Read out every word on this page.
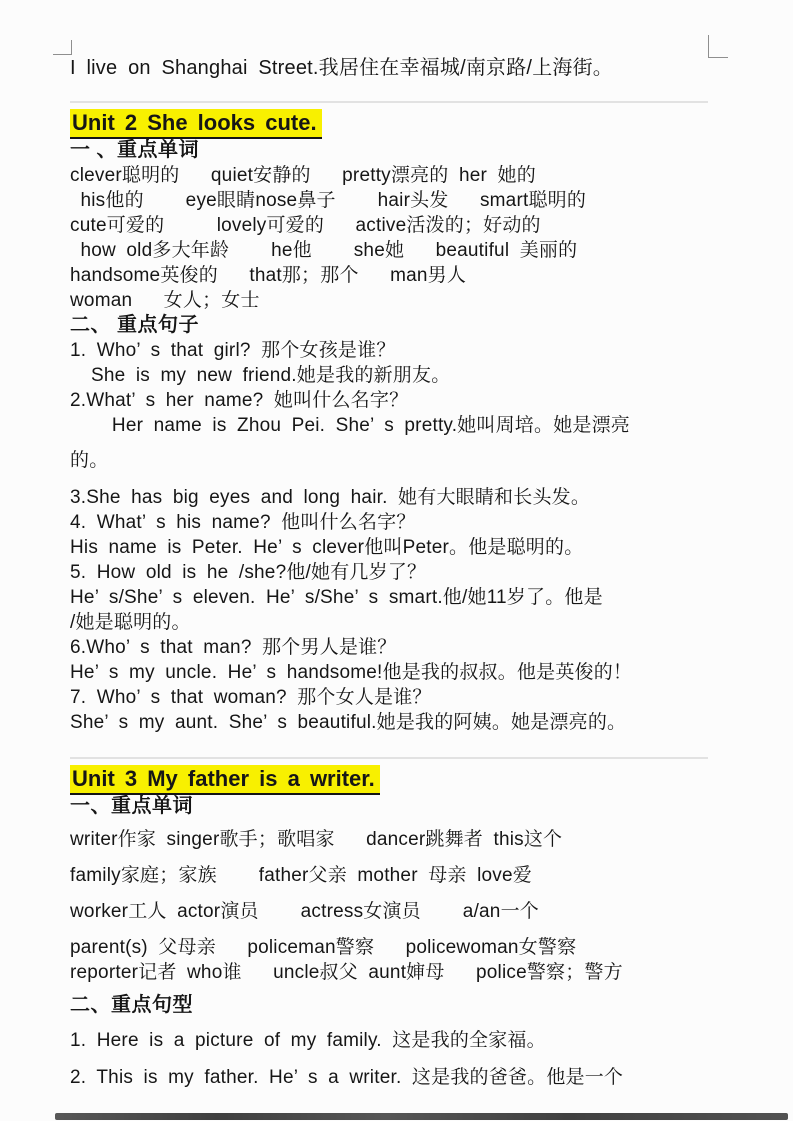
I live on Shanghai Street.我居住在幸福城/南京路/上海街。

Unit 2 She looks cute.

一 、重点单词

clever聪明的   quiet安静的   pretty漂亮的 her 她的

his他的    eye眼睛nose鼻子    hair头发   smart聪明的

cute可爱的     lovely可爱的   active活泼的；好动的

how old多大年龄    he他    she她   beautiful 美丽的

handsome英俊的   that那；那个   man男人

woman   女人；女士

二、 重点句子

1. Who’ s that girl? 那个女孩是谁？

She is my new friend.她是我的新朋友。

2.What’ s her name? 她叫什么名字？

Her name is Zhou Pei. She’ s pretty.她叫周培。她是漂亮

的。

3.She has big eyes and long hair. 她有大眼睛和长头发。

4. What’ s his name? 他叫什么名字？

His name is Peter. He’ s clever他叫Peter。他是聪明的。

5. How old is he /she?他/她有几岁了？

He’ s/She’ s eleven. He’ s/She’ s smart.他/她11岁了。他是

/她是聪明的。

6.Who’ s that man? 那个男人是谁？

He’ s my uncle. He’ s handsome!他是我的叔叔。他是英俊的！

7. Who’ s that woman? 那个女人是谁？

She’ s my aunt. She’ s beautiful.她是我的阿姨。她是漂亮的。

Unit 3 My father is a writer.

一、重点单词

writer作家 singer歌手；歌唱家   dancer跳舞者 this这个

family家庭；家族    father父亲 mother 母亲 love爱

worker工人 actor演员    actress女演员    a/an一个

parent(s) 父母亲   policeman警察   policewoman女警察

reporter记者 who谁   uncle叔父 aunt婶母   police警察；警方

二、重点句型

1. Here is a picture of my family. 这是我的全家福。

2. This is my father. He’ s a writer. 这是我的爸爸。他是一个
